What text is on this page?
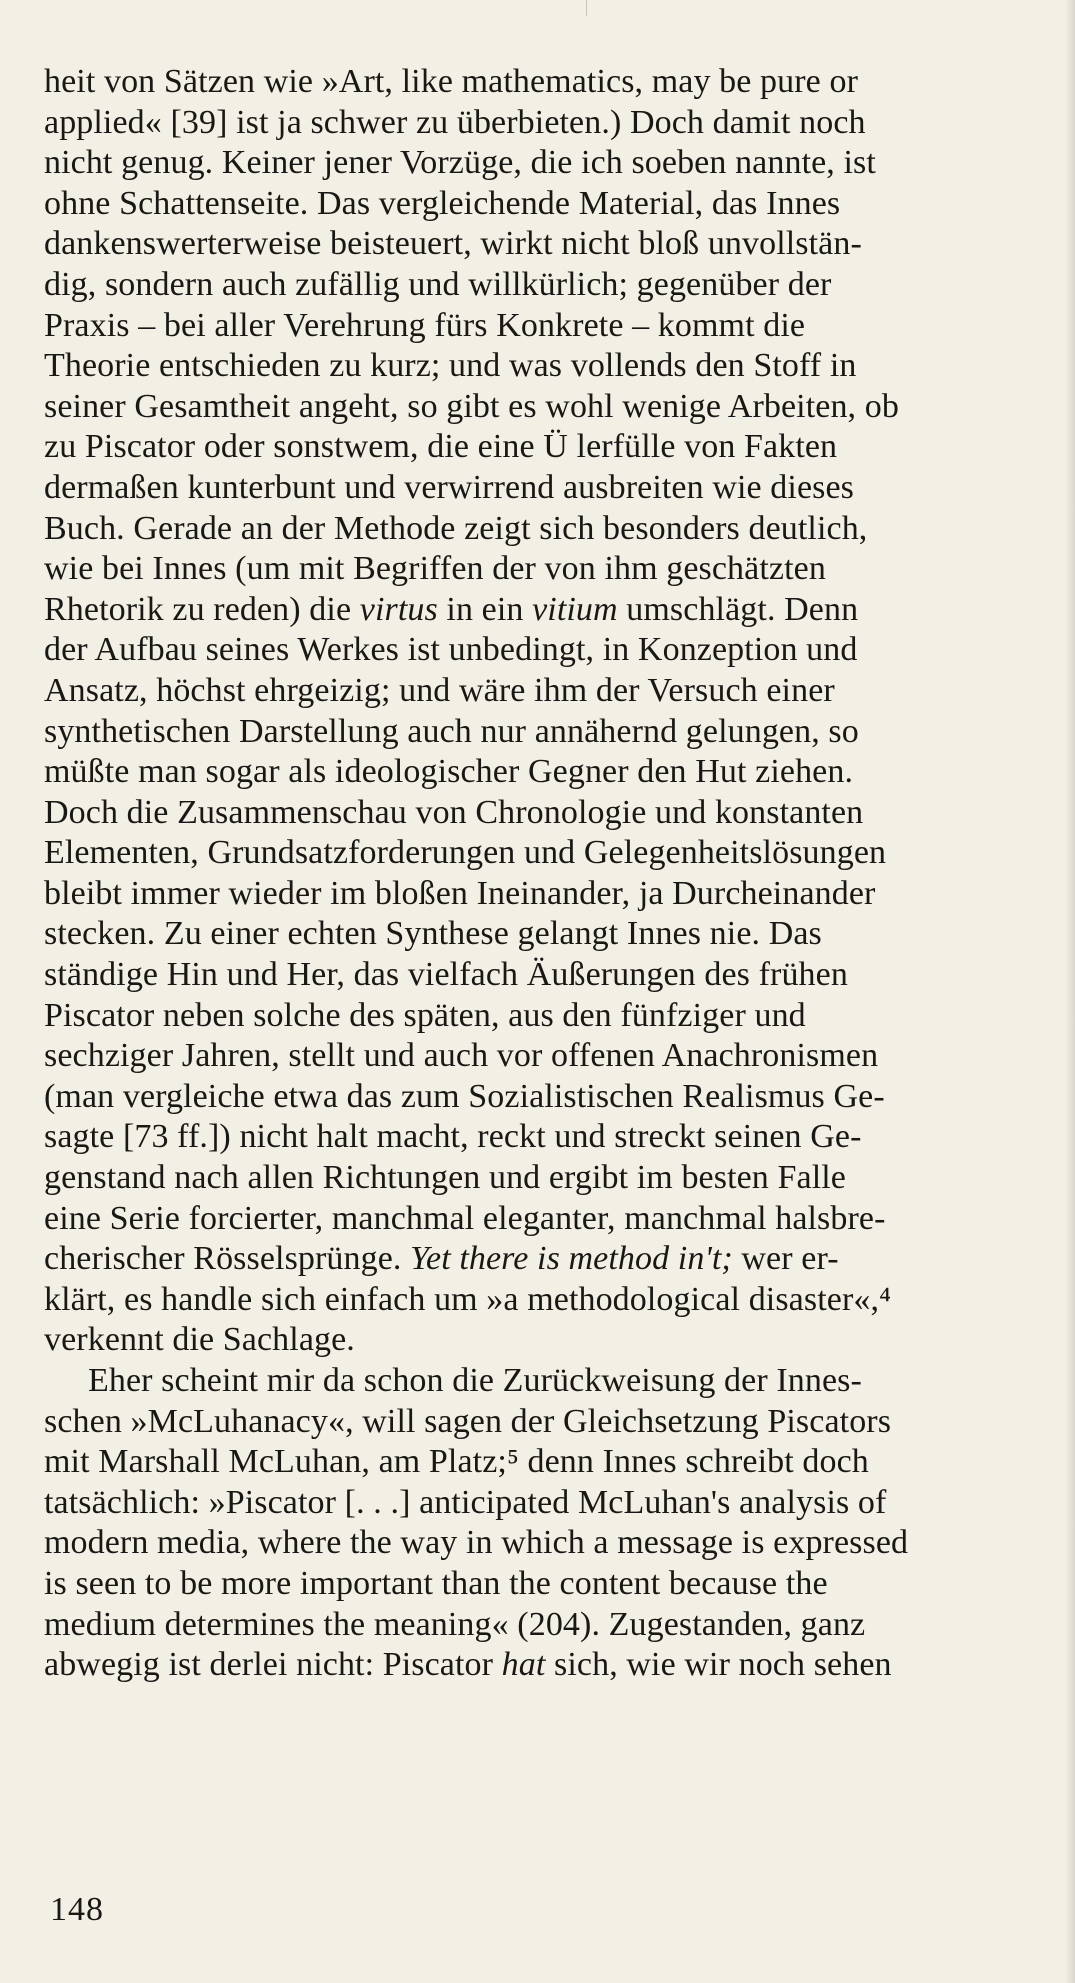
heit von Sätzen wie »Art, like mathematics, may be pure or
applied« [39] ist ja schwer zu überbieten.) Doch damit noch
nicht genug. Keiner jener Vorzüge, die ich soeben nannte, ist
ohne Schattenseite. Das vergleichende Material, das Innes
dankenswerterweise beisteuert, wirkt nicht bloß unvollstän-
dig, sondern auch zufällig und willkürlich; gegenüber der
Praxis – bei aller Verehrung fürs Konkrete – kommt die
Theorie entschieden zu kurz; und was vollends den Stoff in
seiner Gesamtheit angeht, so gibt es wohl wenige Arbeiten, ob
zu Piscator oder sonstwem, die eine Ü lerfülle von Fakten
dermaßen kunterbunt und verwirrend ausbreiten wie dieses
Buch. Gerade an der Methode zeigt sich besonders deutlich,
wie bei Innes (um mit Begriffen der von ihm geschätzten
Rhetorik zu reden) die virtus in ein vitium umschlägt. Denn
der Aufbau seines Werkes ist unbedingt, in Konzeption und
Ansatz, höchst ehrgeizig; und wäre ihm der Versuch einer
synthetischen Darstellung auch nur annähernd gelungen, so
müßte man sogar als ideologischer Gegner den Hut ziehen.
Doch die Zusammenschau von Chronologie und konstanten
Elementen, Grundsatzforderungen und Gelegenheitslösungen
bleibt immer wieder im bloßen Ineinander, ja Durcheinander
stecken. Zu einer echten Synthese gelangt Innes nie. Das
ständige Hin und Her, das vielfach Äußerungen des frühen
Piscator neben solche des späten, aus den fünfziger und
sechziger Jahren, stellt und auch vor offenen Anachronismen
(man vergleiche etwa das zum Sozialistischen Realismus Ge-
sagte [73 ff.]) nicht halt macht, reckt und streckt seinen Ge-
genstand nach allen Richtungen und ergibt im besten Falle
eine Serie forcierter, manchmal eleganter, manchmal halsbre-
cherischer Rösselsprünge. Yet there is method in't; wer er-
klärt, es handle sich einfach um »a methodological disaster«,⁴
verkennt die Sachlage.
Eher scheint mir da schon die Zurückweisung der Innes-
schen »McLuhanacy«, will sagen der Gleichsetzung Piscators
mit Marshall McLuhan, am Platz;⁵ denn Innes schreibt doch
tatsächlich: »Piscator [. . .] anticipated McLuhan's analysis of
modern media, where the way in which a message is expressed
is seen to be more important than the content because the
medium determines the meaning« (204). Zugestanden, ganz
abwegig ist derlei nicht: Piscator hat sich, wie wir noch sehen
148
